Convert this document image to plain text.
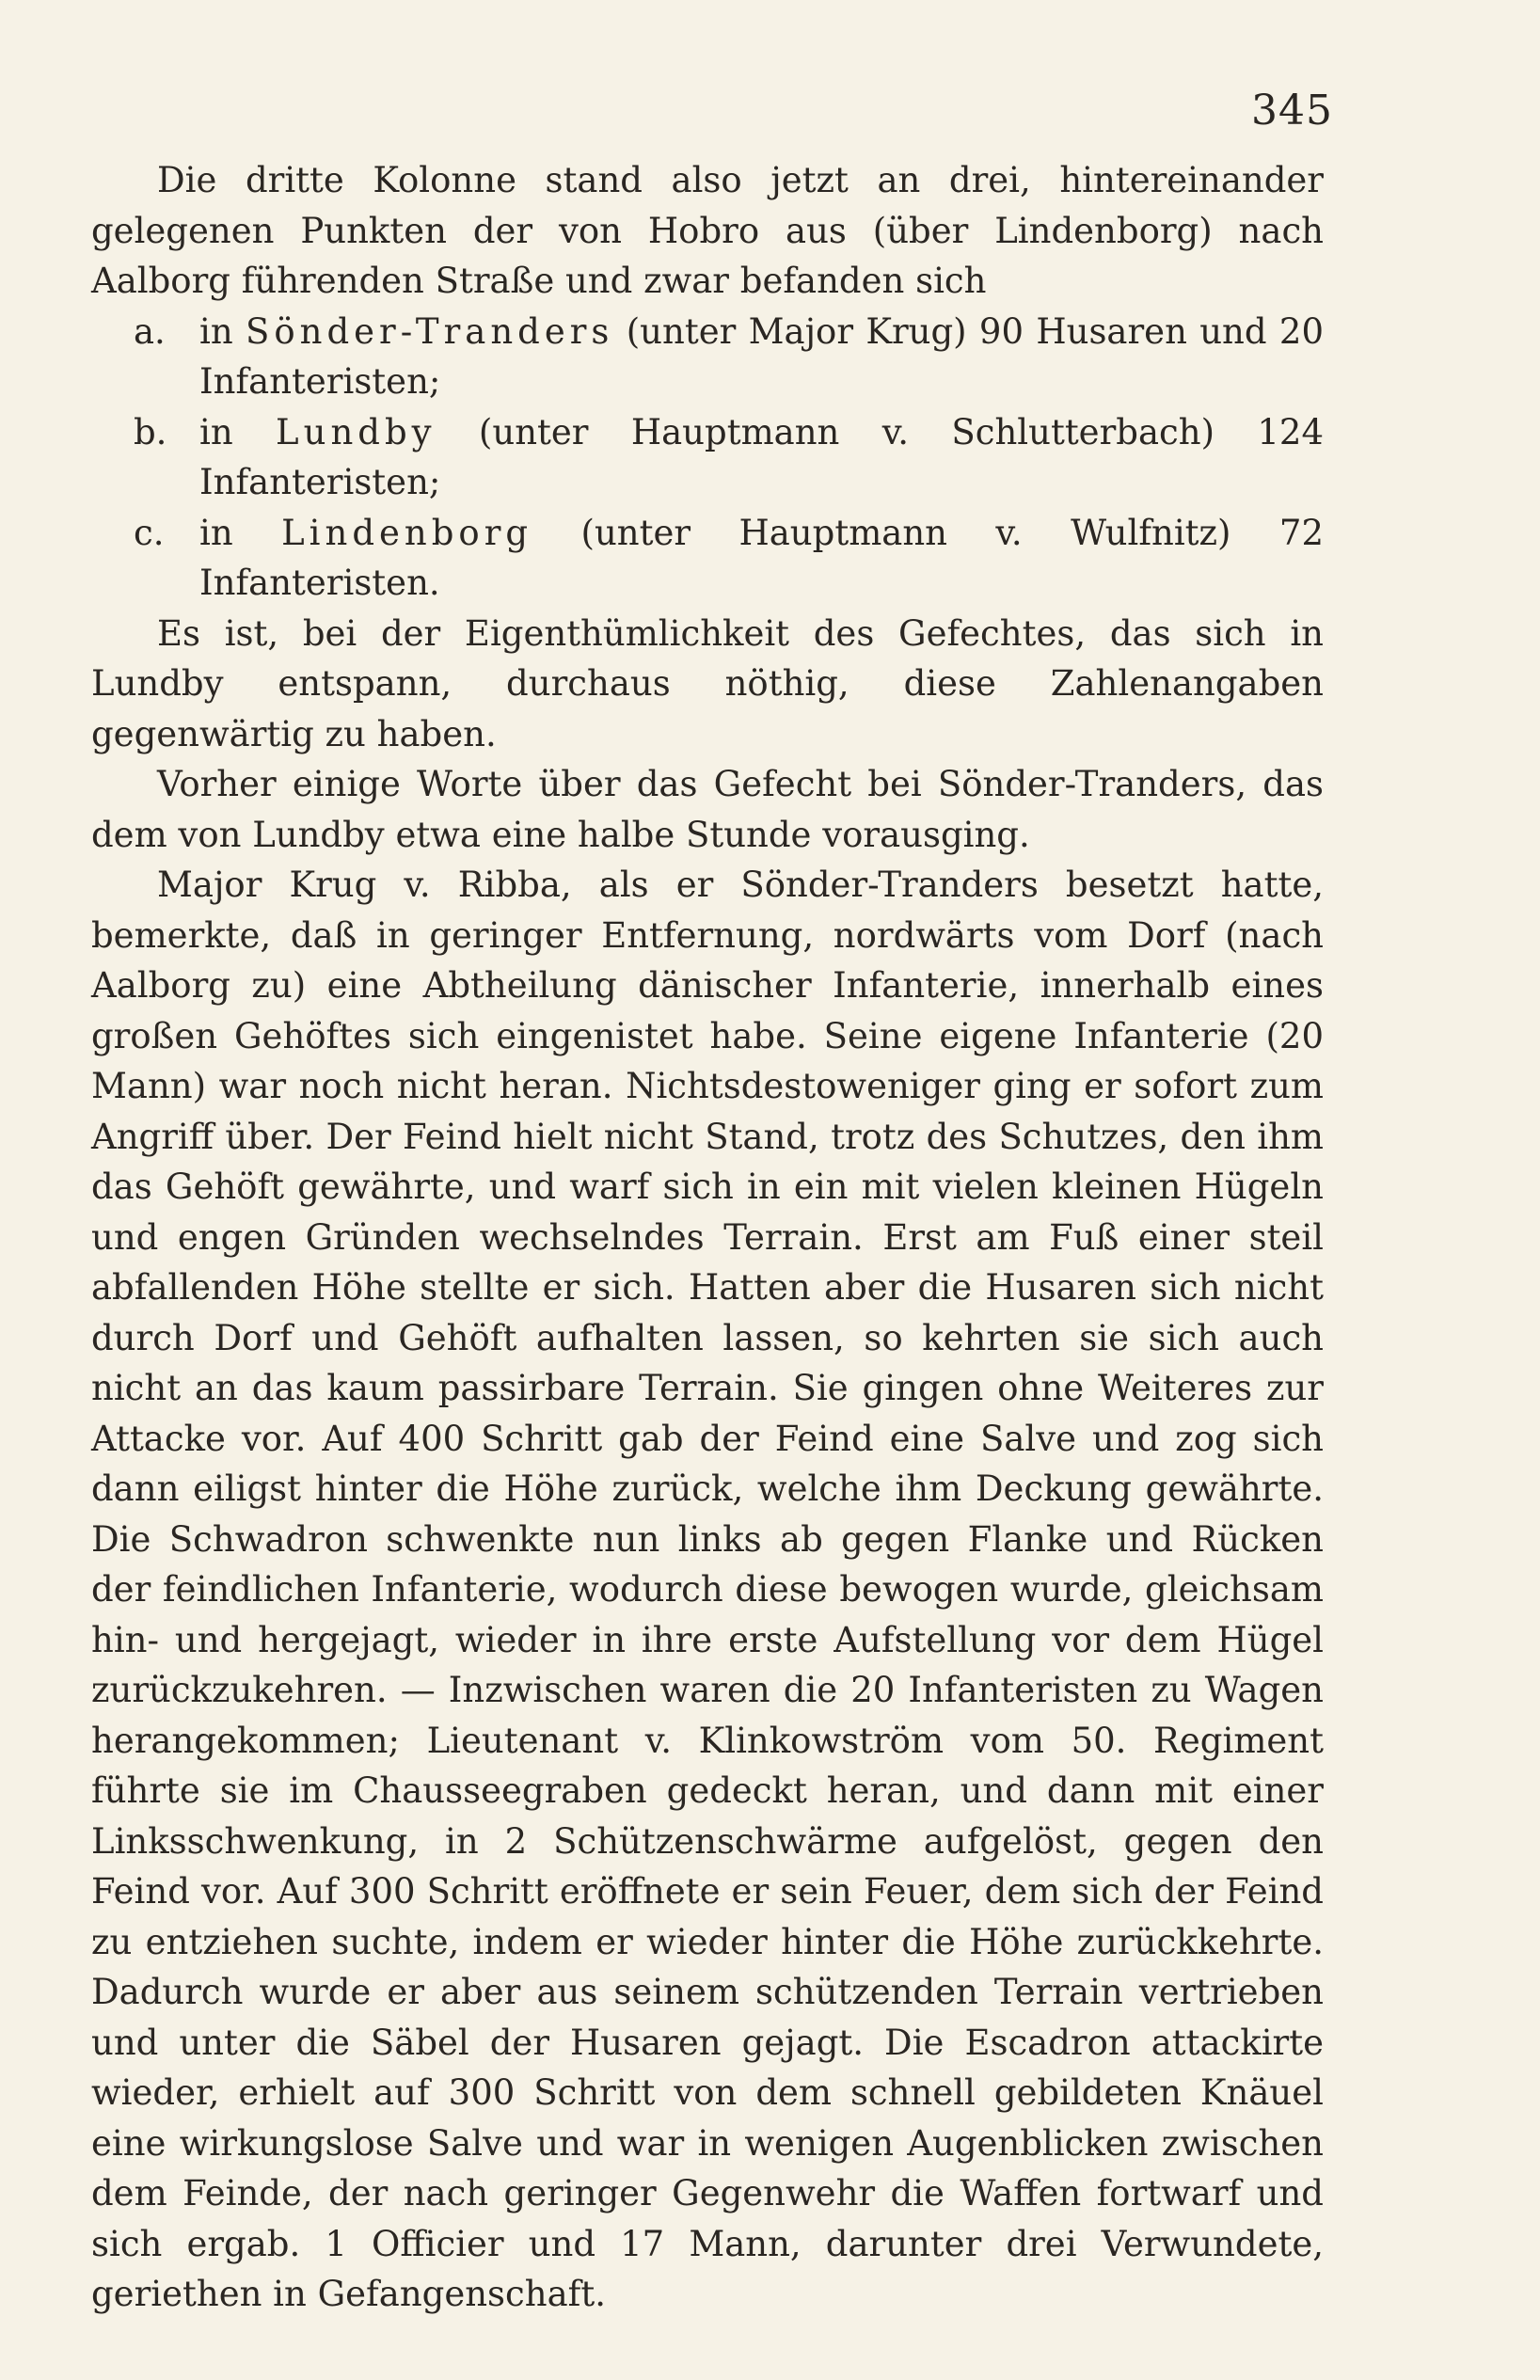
345

Die dritte Kolonne stand also jetzt an drei, hintereinander gelegenen Punkten der von Hobro aus (über Lindenborg) nach Aalborg führenden Straße und zwar befanden sich

a. in Sönder-Tranders (unter Major Krug) 90 Husaren und 20 Infanteristen;
b. in Lundby (unter Hauptmann v. Schlutterbach) 124 Infanteristen;
c. in Lindenborg (unter Hauptmann v. Wulfnitz) 72 Infanteristen.

Es ist, bei der Eigenthümlichkeit des Gefechtes, das sich in Lundby entspann, durchaus nöthig, diese Zahlenangaben gegenwärtig zu haben.

Vorher einige Worte über das Gefecht bei Sönder-Tranders, das dem von Lundby etwa eine halbe Stunde vorausging.

Major Krug v. Ribba, als er Sönder-Tranders besetzt hatte, bemerkte, daß in geringer Entfernung, nordwärts vom Dorf (nach Aalborg zu) eine Abtheilung dänischer Infanterie, innerhalb eines großen Gehöftes sich eingenistet habe. Seine eigene Infanterie (20 Mann) war noch nicht heran. Nichtsdestoweniger ging er sofort zum Angriff über. Der Feind hielt nicht Stand, trotz des Schutzes, den ihm das Gehöft gewährte, und warf sich in ein mit vielen kleinen Hügeln und engen Gründen wechselndes Terrain. Erst am Fuß einer steil abfallenden Höhe stellte er sich. Hatten aber die Husaren sich nicht durch Dorf und Gehöft aufhalten lassen, so kehrten sie sich auch nicht an das kaum passirbare Terrain. Sie gingen ohne Weiteres zur Attacke vor. Auf 400 Schritt gab der Feind eine Salve und zog sich dann eiligst hinter die Höhe zurück, welche ihm Deckung gewährte. Die Schwadron schwenkte nun links ab gegen Flanke und Rücken der feindlichen Infanterie, wodurch diese bewogen wurde, gleichsam hin- und hergejagt, wieder in ihre erste Aufstellung vor dem Hügel zurückzukehren. — Inzwischen waren die 20 Infanteristen zu Wagen herangekommen; Lieutenant v. Klinkowström vom 50. Regiment führte sie im Chausseegraben gedeckt heran, und dann mit einer Linksschwenkung, in 2 Schützenschwärme aufgelöst, gegen den Feind vor. Auf 300 Schritt eröffnete er sein Feuer, dem sich der Feind zu entziehen suchte, indem er wieder hinter die Höhe zurückkehrte. Dadurch wurde er aber aus seinem schützenden Terrain vertrieben und unter die Säbel der Husaren gejagt. Die Escadron attackirte wieder, erhielt auf 300 Schritt von dem schnell gebildeten Knäuel eine wirkungslose Salve und war in wenigen Augenblicken zwischen dem Feinde, der nach geringer Gegenwehr die Waffen fortwarf und sich ergab. 1 Officier und 17 Mann, darunter drei Verwundete, geriethen in Gefangenschaft.
